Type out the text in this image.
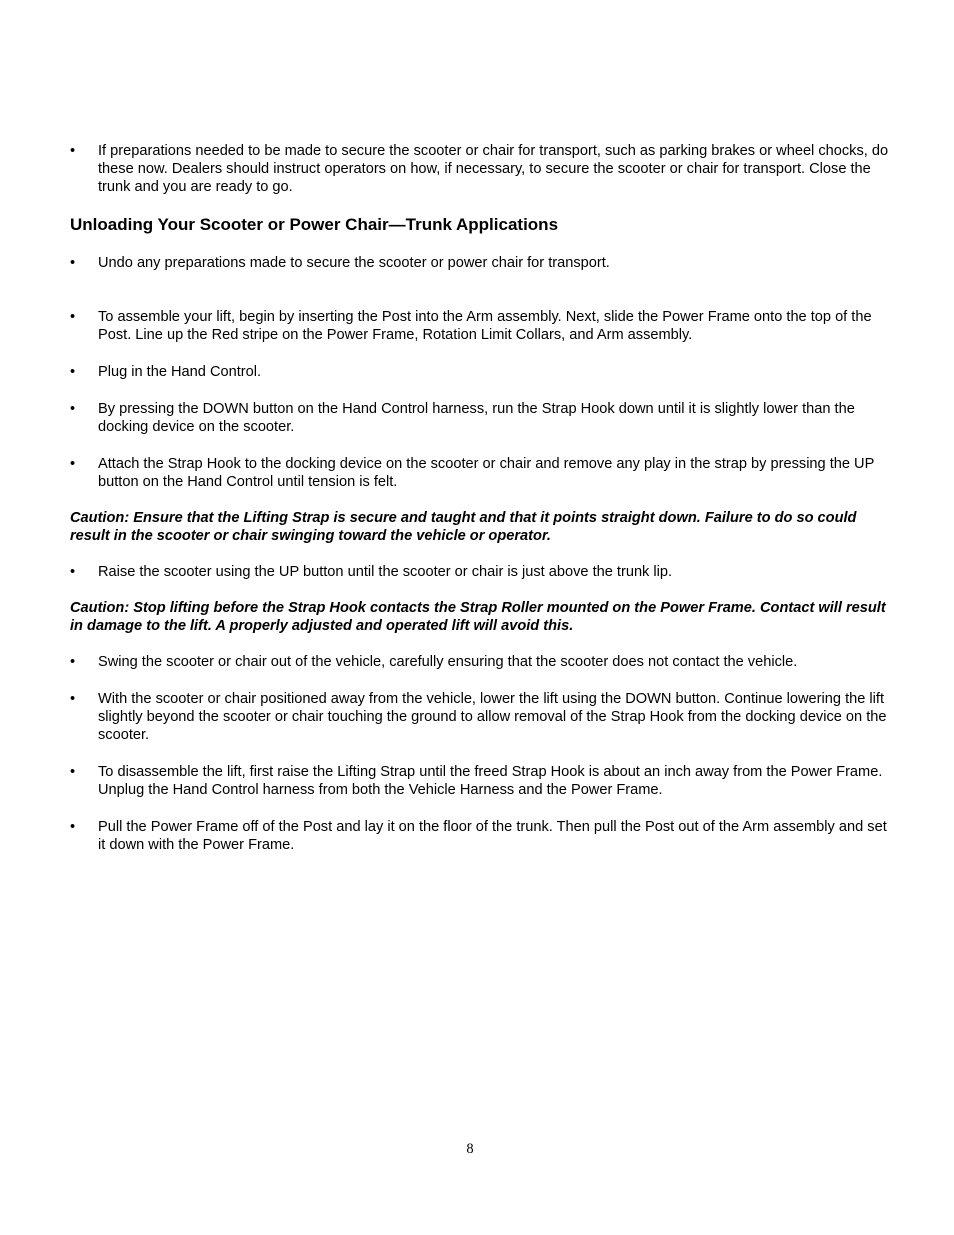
•	If preparations needed to be made to secure the scooter or chair for transport, such as parking brakes or wheel chocks, do these now. Dealers should instruct operators on how, if necessary, to secure the scooter or chair for transport. Close the trunk and you are ready to go.
Unloading Your Scooter or Power Chair—Trunk Applications
•	Undo any preparations made to secure the scooter or power chair for transport.
•	To assemble your lift, begin by inserting the Post into the Arm assembly. Next, slide the Power Frame onto the top of the Post. Line up the Red stripe on the Power Frame, Rotation Limit Collars, and Arm assembly.
•	Plug in the Hand Control.
•	By pressing the DOWN button on the Hand Control harness, run the Strap Hook down until it is slightly lower than the docking device on the scooter.
•	Attach the Strap Hook to the docking device on the scooter or chair and remove any play in the strap by pressing the UP button on the Hand Control until tension is felt.
Caution: Ensure that the Lifting Strap is secure and taught and that it points straight down. Failure to do so could result in the scooter or chair swinging toward the vehicle or operator.
•	Raise the scooter using the UP button until the scooter or chair is just above the trunk lip.
Caution: Stop lifting before the Strap Hook contacts the Strap Roller mounted on the Power Frame. Contact will result in damage to the lift. A properly adjusted and operated lift will avoid this.
•	Swing the scooter or chair out of the vehicle, carefully ensuring that the scooter does not contact the vehicle.
•	With the scooter or chair positioned away from the vehicle, lower the lift using the DOWN button. Continue lowering the lift slightly beyond the scooter or chair touching the ground to allow removal of the Strap Hook from the docking device on the scooter.
•	To disassemble the lift, first raise the Lifting Strap until the freed Strap Hook is about an inch away from the Power Frame. Unplug the Hand Control harness from both the Vehicle Harness and the Power Frame.
•	Pull the Power Frame off of the Post and lay it on the floor of the trunk. Then pull the Post out of the Arm assembly and set it down with the Power Frame.
8
